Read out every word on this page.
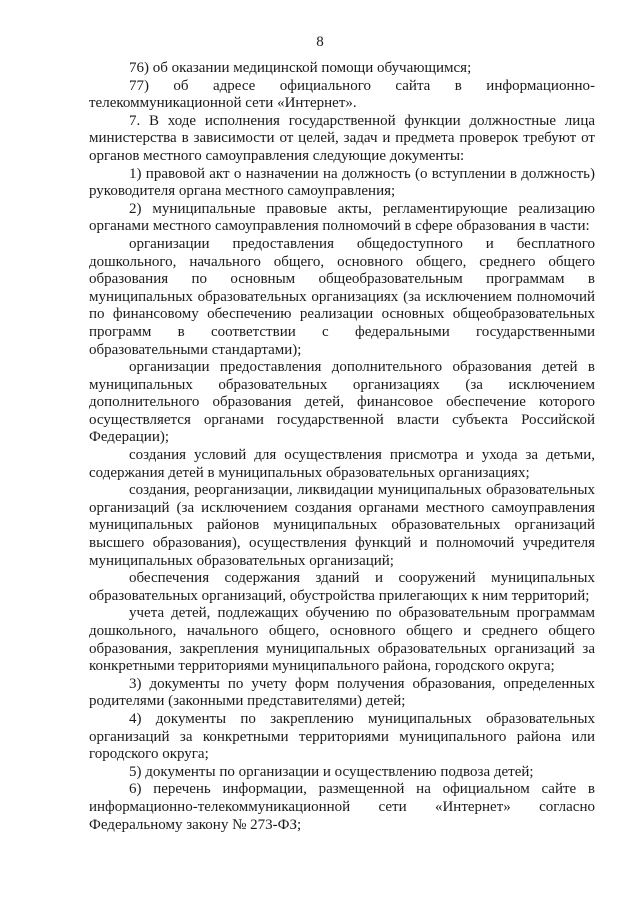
8

76) об оказании медицинской помощи обучающимся;

77) об адресе официального сайта в информационно-телекоммуникационной сети «Интернет».

7. В ходе исполнения государственной функции должностные лица министерства в зависимости от целей, задач и предмета проверок требуют от органов местного самоуправления следующие документы:

1) правовой акт о назначении на должность (о вступлении в должность) руководителя органа местного самоуправления;

2) муниципальные правовые акты, регламентирующие реализацию органами местного самоуправления полномочий в сфере образования в части:

организации предоставления общедоступного и бесплатного дошкольного, начального общего, основного общего, среднего общего образования по основным общеобразовательным программам в муниципальных образовательных организациях (за исключением полномочий по финансовому обеспечению реализации основных общеобразовательных программ в соответствии с федеральными государственными образовательными стандартами);

организации предоставления дополнительного образования детей в муниципальных образовательных организациях (за исключением дополнительного образования детей, финансовое обеспечение которого осуществляется органами государственной власти субъекта Российской Федерации);

создания условий для осуществления присмотра и ухода за детьми, содержания детей в муниципальных образовательных организациях;

создания, реорганизации, ликвидации муниципальных образовательных организаций (за исключением создания органами местного самоуправления муниципальных районов муниципальных образовательных организаций высшего образования), осуществления функций и полномочий учредителя муниципальных образовательных организаций;

обеспечения содержания зданий и сооружений муниципальных образовательных организаций, обустройства прилегающих к ним территорий;

учета детей, подлежащих обучению по образовательным программам дошкольного, начального общего, основного общего и среднего общего образования, закрепления муниципальных образовательных организаций за конкретными территориями муниципального района, городского округа;

3) документы по учету форм получения образования, определенных родителями (законными представителями) детей;

4) документы по закреплению муниципальных образовательных организаций за конкретными территориями муниципального района или городского округа;

5) документы по организации и осуществлению подвоза детей;

6) перечень информации, размещенной на официальном сайте в информационно-телекоммуникационной сети «Интернет» согласно Федеральному закону № 273-ФЗ;
